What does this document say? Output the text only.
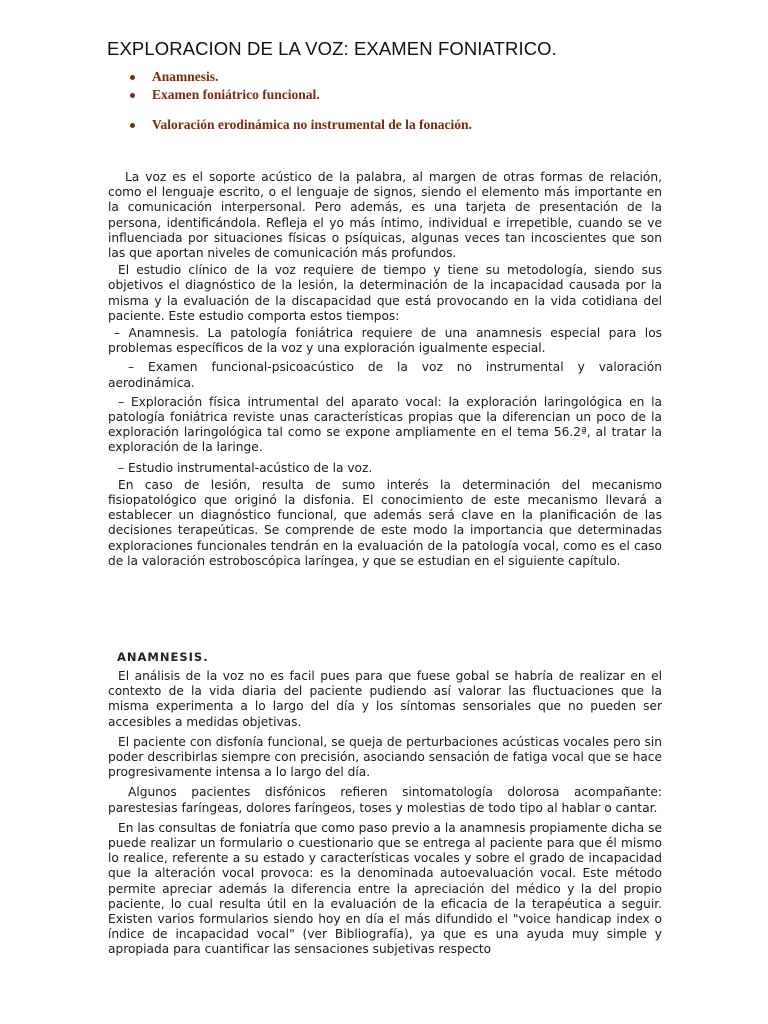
EXPLORACION DE LA VOZ: EXAMEN FONIATRICO.
Anamnesis.
Examen foniátrico funcional.
Valoración erodinámica no instrumental de la fonación.

La voz es el soporte acústico de la palabra, al margen de otras formas de relación, como el lenguaje escrito, o el lenguaje de signos, siendo el elemento más importante en la comunicación interpersonal. Pero además, es una tarjeta de presentación de la persona, identificándola. Refleja el yo más íntimo, individual e irrepetible, cuando se ve influenciada por situaciones físicas o psíquicas, algunas veces tan incoscientes que son las que aportan niveles de comunicación más profundos.

El estudio clínico de la voz requiere de tiempo y tiene su metodología, siendo sus objetivos el diagnóstico de la lesión, la determinación de la incapacidad causada por la misma y la evaluación de la discapacidad que está provocando en la vida cotidiana del paciente. Este estudio comporta estos tiempos:

– Anamnesis. La patología foniátrica requiere de una anamnesis especial para los problemas específicos de la voz y una exploración igualmente especial.

– Examen funcional-psicoacústico de la voz no instrumental y valoración aerodinámica.

– Exploración física intrumental del aparato vocal: la exploración laringológica en la patología foniátrica reviste unas características propias que la diferencian un poco de la exploración laringológica tal como se expone ampliamente en el tema 56.2ª, al tratar la exploración de la laringe.

– Estudio instrumental-acústico de la voz.

En caso de lesión, resulta de sumo interés la determinación del mecanismo fisiopatológico que originó la disfonia. El conocimiento de este mecanismo llevará a establecer un diagnóstico funcional, que además será clave en la planificación de las decisiones terapeúticas. Se comprende de este modo la importancia que determinadas exploraciones funcionales tendrán en la evaluación de la patología vocal, como es el caso de la valoración estroboscópica laríngea, y que se estudian en el siguiente capítulo.

ANAMNESIS.

El análisis de la voz no es facil pues para que fuese gobal se habría de realizar en el contexto de la vida diaria del paciente pudiendo así valorar las fluctuaciones que la misma experimenta a lo largo del día y los síntomas sensoriales que no pueden ser accesibles a medidas objetivas.

El paciente con disfonía funcional, se queja de perturbaciones acústicas vocales pero sin poder describirlas siempre con precisión, asociando sensación de fatiga vocal que se hace progresivamente intensa a lo largo del día.

Algunos pacientes disfónicos refieren sintomatología dolorosa acompañante: parestesias faríngeas, dolores faríngeos, toses y molestias de todo tipo al hablar o cantar.

En las consultas de foniatría que como paso previo a la anamnesis propiamente dicha se puede realizar un formulario o cuestionario que se entrega al paciente para que él mismo lo realice, referente a su estado y características vocales y sobre el grado de incapacidad que la alteración vocal provoca: es la denominada autoevaluación vocal. Este método permite apreciar además la diferencia entre la apreciación del médico y la del propio paciente, lo cual resulta útil en la evaluación de la eficacia de la terapéutica a seguir. Existen varios formularios siendo hoy en día el más difundido el "voice handicap index o índice de incapacidad vocal" (ver Bibliografía), ya que es una ayuda muy simple y apropiada para cuantificar las sensaciones subjetivas respecto
